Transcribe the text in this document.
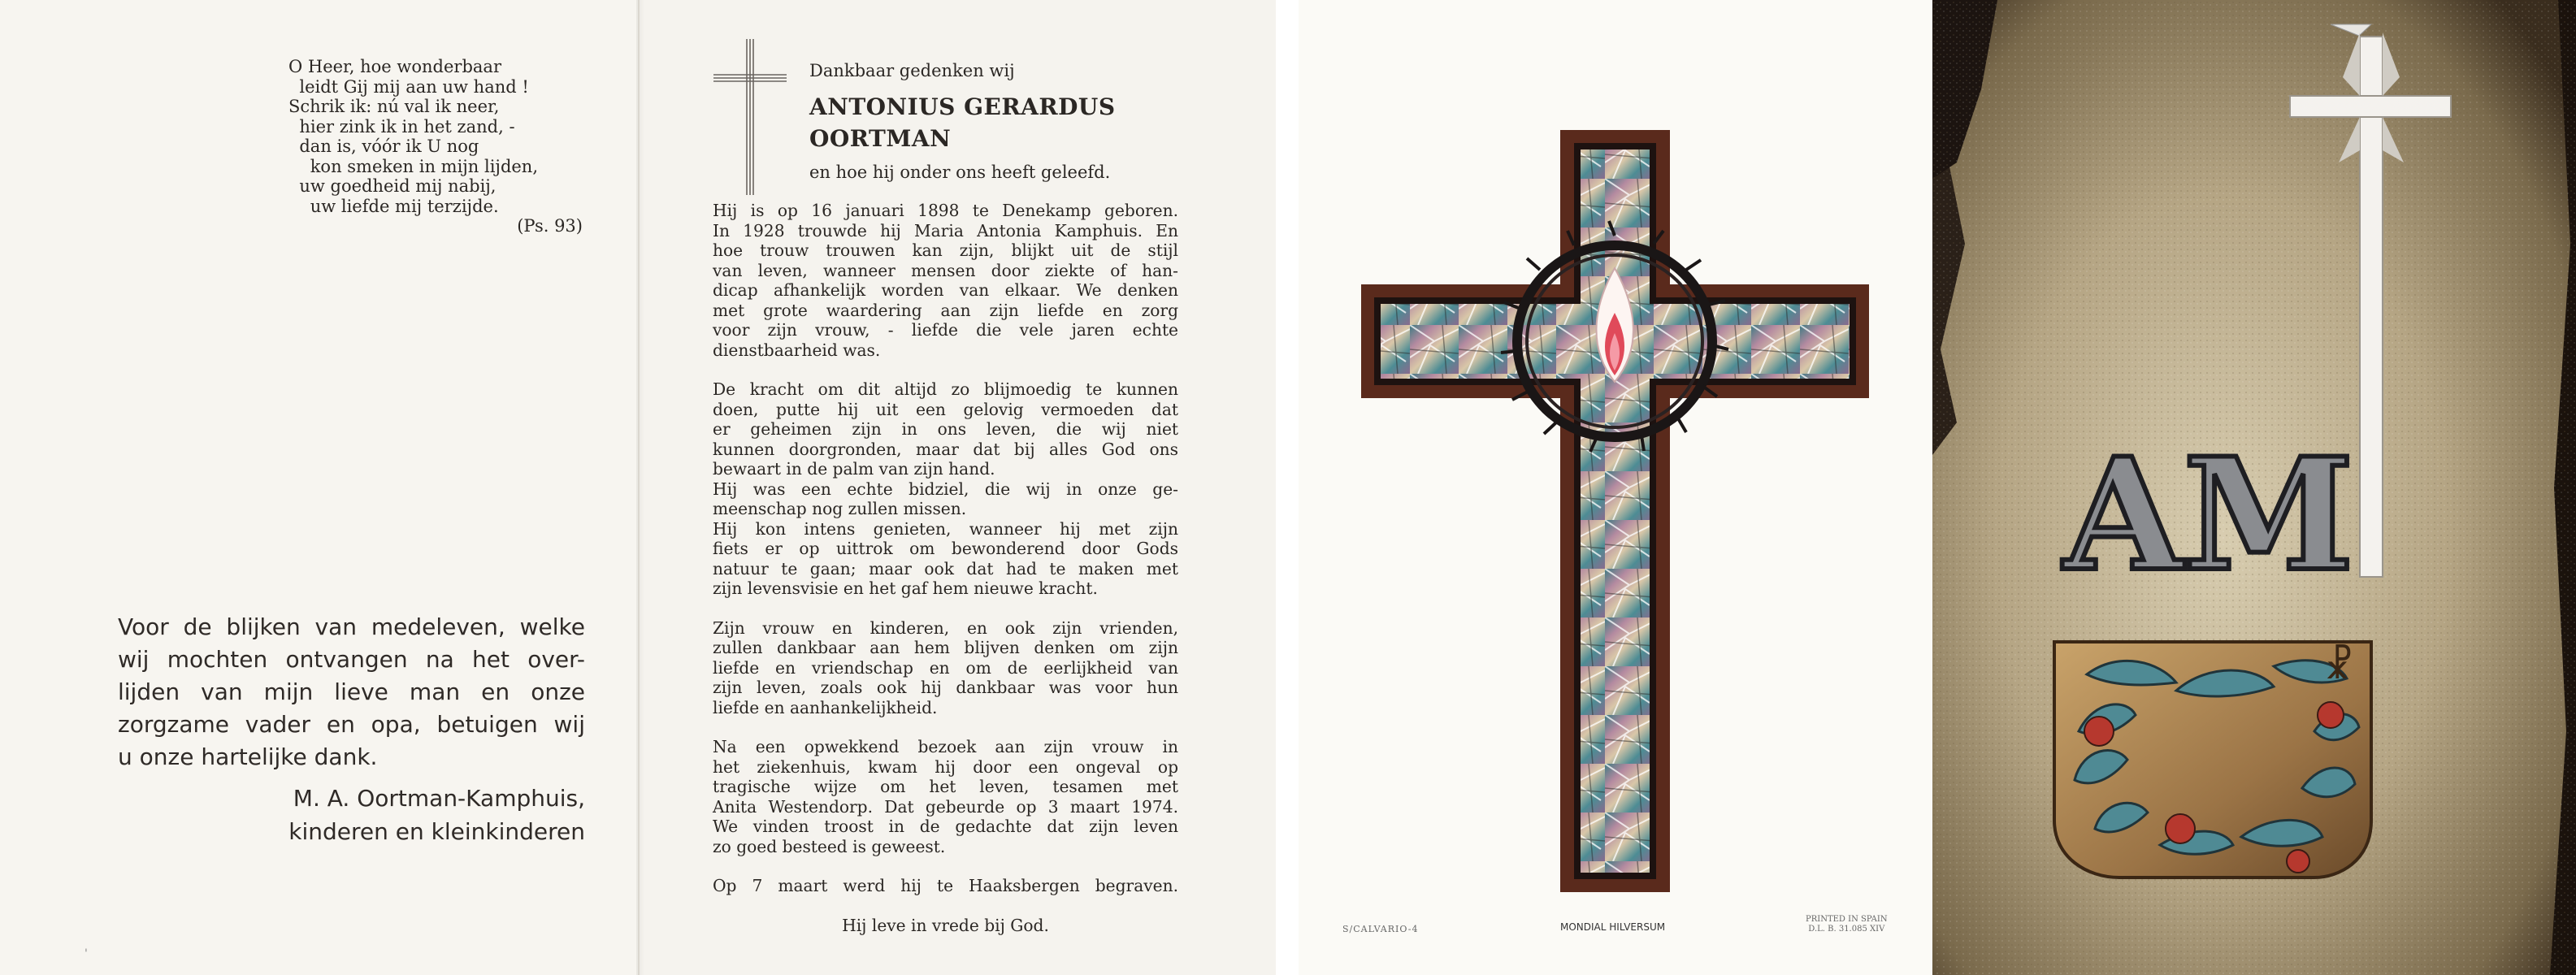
O Heer, hoe wonderbaar
leidt Gij mij aan uw hand !
Schrik ik: nú val ik neer,
hier zink ik in het zand, -
dan is, vóór ik U nog
kon smeken in mijn lijden,
uw goedheid mij nabij,
uw liefde mij terzijde.
(Ps. 93)
Voor de blijken van medeleven, welke
wij mochten ontvangen na het over-
lijden van mijn lieve man en onze
zorgzame vader en opa, betuigen wij
u onze hartelijke dank.
M. A. Oortman-Kamphuis,
kinderen en kleinkinderen
'
Dankbaar gedenken wij
ANTONIUS GERARDUS
OORTMAN
en hoe hij onder ons heeft geleefd.

Hij is op 16 januari 1898 te Denekamp geboren.
In 1928 trouwde hij Maria Antonia Kamphuis. En
hoe trouw trouwen kan zijn, blijkt uit de stijl
van leven, wanneer mensen door ziekte of han-
dicap afhankelijk worden van elkaar. We denken
met grote waardering aan zijn liefde en zorg
voor zijn vrouw, - liefde die vele jaren echte
dienstbaarheid was.

De kracht om dit altijd zo blijmoedig te kunnen
doen, putte hij uit een gelovig vermoeden dat
er geheimen zijn in ons leven, die wij niet
kunnen doorgronden, maar dat bij alles God ons
bewaart in de palm van zijn hand.
Hij was een echte bidziel, die wij in onze ge-
meenschap nog zullen missen.
Hij kon intens genieten, wanneer hij met zijn
fiets er op uittrok om bewonderend door Gods
natuur te gaan; maar ook dat had te maken met
zijn levensvisie en het gaf hem nieuwe kracht.

Zijn vrouw en kinderen, en ook zijn vrienden,
zullen dankbaar aan hem blijven denken om zijn
liefde en vriendschap en om de eerlijkheid van
zijn leven, zoals ook hij dankbaar was voor hun
liefde en aanhankelijkheid.

Na een opwekkend bezoek aan zijn vrouw in
het ziekenhuis, kwam hij door een ongeval op
tragische wijze om het leven, tesamen met
Anita Westendorp. Dat gebeurde op 3 maart 1974.
We vinden troost in de gedachte dat zijn leven
zo goed besteed is geweest.

Op 7 maart werd hij te Haaksbergen begraven.

Hij leve in vrede bij God.	S/CALVARIO-4	MONDIAL HILVERSUM
PRINTED IN SPAIN
D.L. B. 31.085 XIV
AM
☧
